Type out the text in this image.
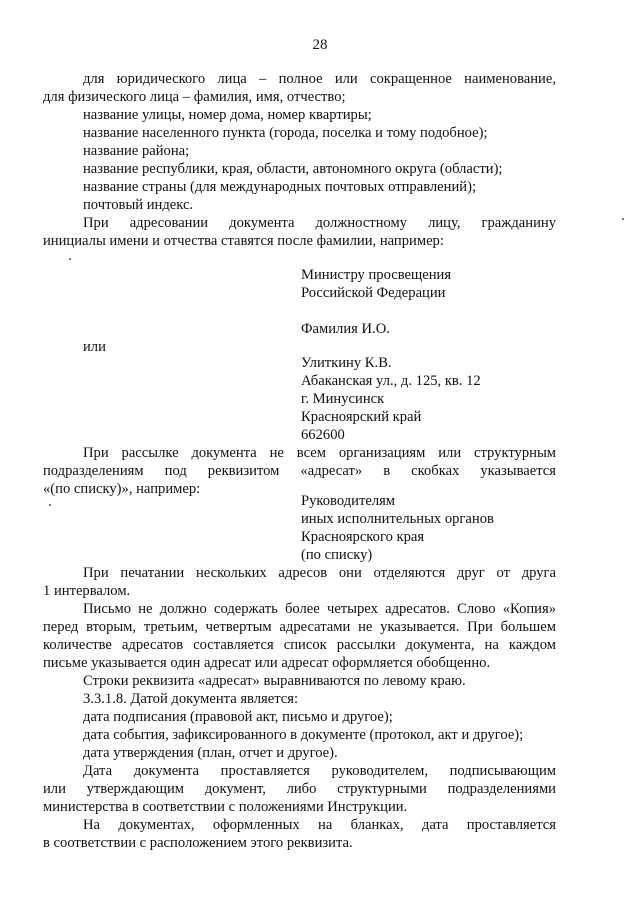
28
для юридического лица – полное или сокращенное наименование,
для физического лица – фамилия, имя, отчество;
название улицы, номер дома, номер квартиры;
название населенного пункта (города, поселка и тому подобное);
название района;
название республики, края, области, автономного округа (области);
название страны (для международных почтовых отправлений);
почтовый индекс.
При адресовании документа должностному лицу, гражданину
инициалы имени и отчества ставятся после фамилии, например:
Министру просвещения
Российской Федерации
Фамилия И.О.
или
Улиткину К.В.
Абаканская ул., д. 125, кв. 12
г. Минусинск
Красноярский край
662600
При рассылке документа не всем организациям или структурным
подразделениям под реквизитом «адресат» в скобках указывается
«(по списку)», например:
Руководителям
иных исполнительных органов
Красноярского края
(по списку)
При печатании нескольких адресов они отделяются друг от друга
1 интервалом.
Письмо не должно содержать более четырех адресатов. Слово «Копия»
перед вторым, третьим, четвертым адресатами не указывается. При большем
количестве адресатов составляется список рассылки документа, на каждом
письме указывается один адресат или адресат оформляется обобщенно.
Строки реквизита «адресат» выравниваются по левому краю.
3.3.1.8. Датой документа является:
дата подписания (правовой акт, письмо и другое);
дата события, зафиксированного в документе (протокол, акт и другое);
дата утверждения (план, отчет и другое).
Дата документа проставляется руководителем, подписывающим
или утверждающим документ, либо структурными подразделениями
министерства в соответствии с положениями Инструкции.
На документах, оформленных на бланках, дата проставляется
в соответствии с расположением этого реквизита.
